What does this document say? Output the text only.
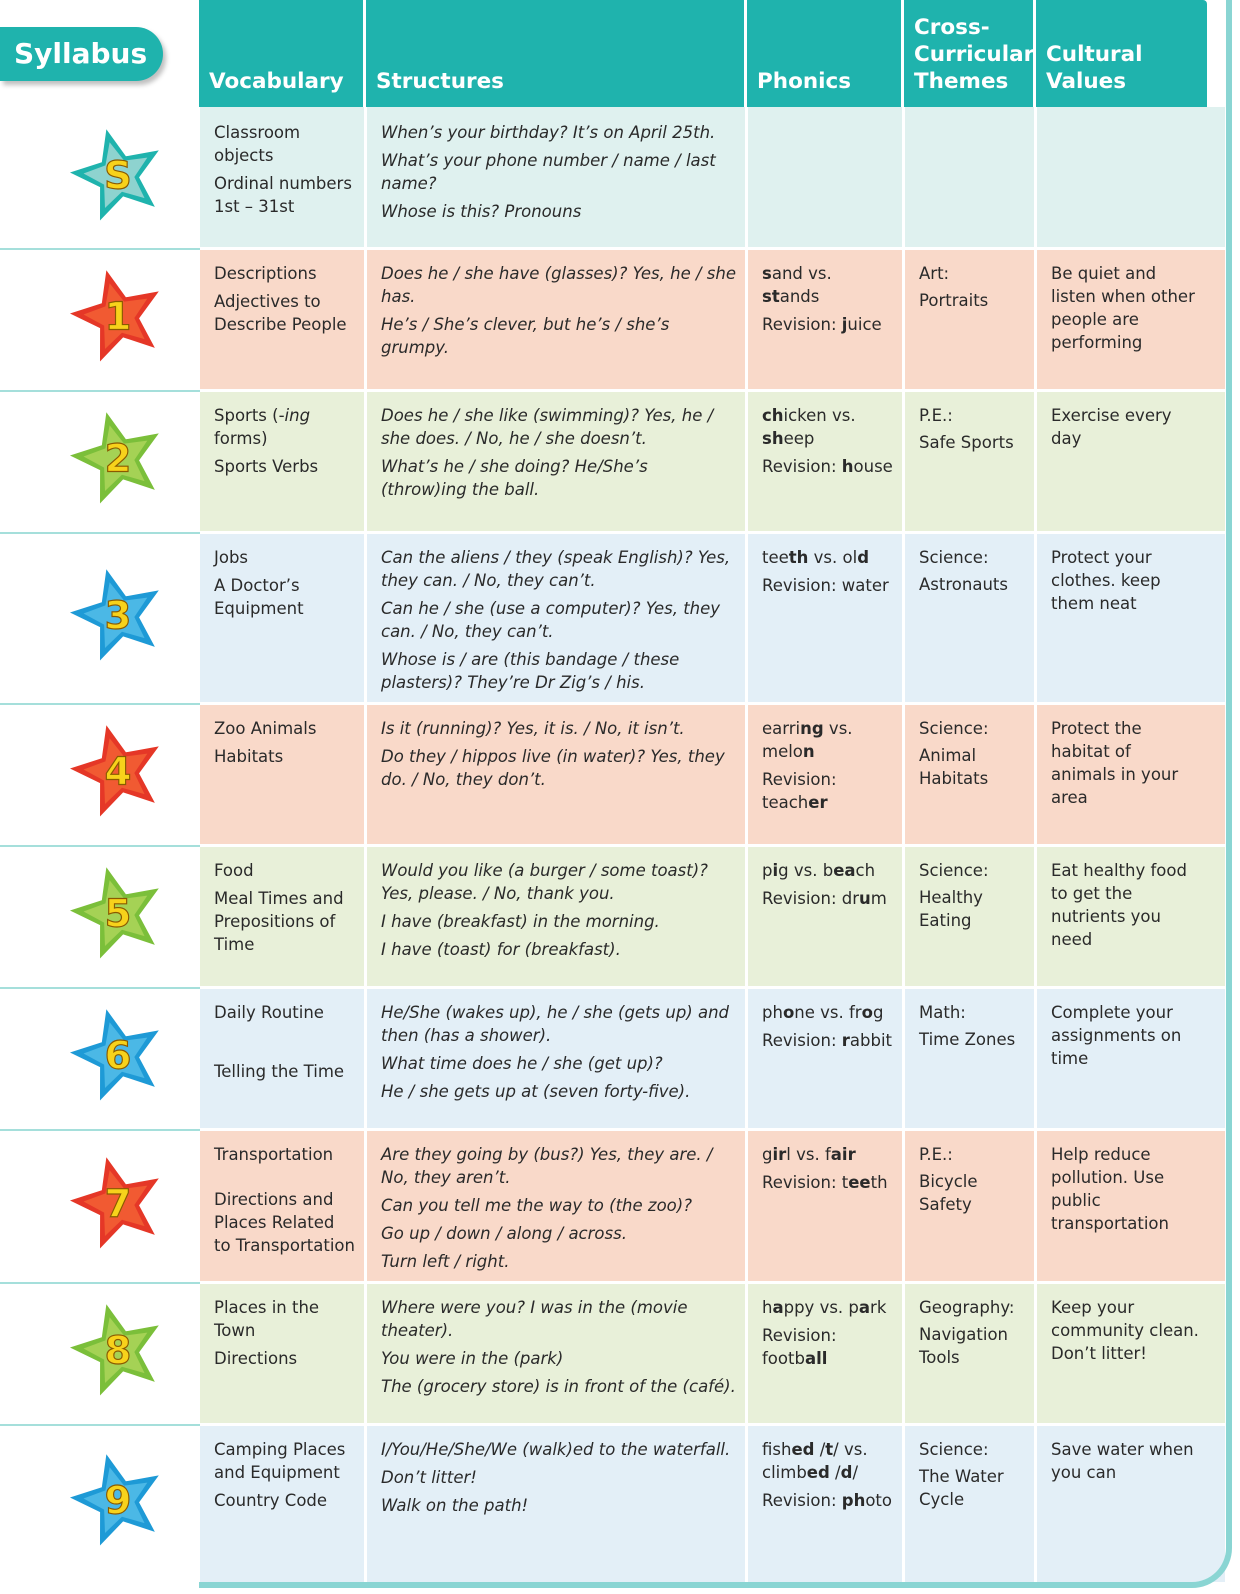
Syllabus
Vocabulary	Structures	Phonics
Cross-
Curricular
Themes
Cultural
Values

Classroom objects

Ordinal numbers 1st – 31st

When’s your birthday? It’s on April 25th.

What’s your phone number / name / last name?

Whose is this? Pronouns

S

Descriptions

Adjectives to Describe People

Does he / she have (glasses)? Yes, he / she has.

He’s / She’s clever, but he’s / she’s grumpy.

sand vs. stands

Revision: juice

Art:

Portraits

Be quiet and listen when other people are performing

1

Sports (-ing forms)

Sports Verbs

Does he / she like (swimming)? Yes, he / she does. / No, he / she doesn’t.

What’s he / she doing? He/She’s (throw)ing the ball.

chicken vs. sheep

Revision: house

P.E.:

Safe Sports

Exercise every day

2

Jobs

A Doctor’s Equipment

Can the aliens / they (speak English)? Yes, they can. / No, they can’t.

Can he / she (use a computer)? Yes, they can. / No, they can’t.

Whose is / are (this bandage / these plasters)? They’re Dr Zig’s / his.

teeth vs. old

Revision: water

Science:

Astronauts

Protect your clothes. keep them neat

3

Zoo Animals

Habitats

Is it (running)? Yes, it is. / No, it isn’t.

Do they / hippos live (in water)? Yes, they do. / No, they don’t.

earring vs. melon

Revision: teacher

Science:

Animal Habitats

Protect the habitat of animals in your area

4

Food

Meal Times and Prepositions of Time

Would you like (a burger / some toast)? Yes, please. / No, thank you.

I have (breakfast) in the morning.

I have (toast) for (breakfast).

pig vs. beach

Revision: drum

Science:

Healthy Eating

Eat healthy food to get the nutrients you need

5

Daily Routine

Telling the Time

He/She (wakes up), he / she (gets up) and then (has a shower).

What time does he / she (get up)?

He / she gets up at (seven forty-five).

phone vs. frog

Revision: rabbit

Math:

Time Zones

Complete your assignments on time

6

Transportation

Directions and Places Related to Transportation

Are they going by (bus?) Yes, they are. / No, they aren’t.

Can you tell me the way to (the zoo)?

Go up / down / along / across.

Turn left / right.

girl vs. fair

Revision: teeth

P.E.:

Bicycle Safety

Help reduce pollution. Use public transportation

7

Places in the Town

Directions

Where were you? I was in the (movie theater).

You were in the (park)

The (grocery store) is in front of the (café).

happy vs. park

Revision: football

Geography:

Navigation Tools

Keep your community clean. Don’t litter!

8

Camping Places and Equipment

Country Code

I/You/He/She/We (walk)ed to the waterfall.

Don’t litter!

Walk on the path!

fished /t/ vs. climbed /d/

Revision: photo

Science:

The Water Cycle

Save water when you can

9
